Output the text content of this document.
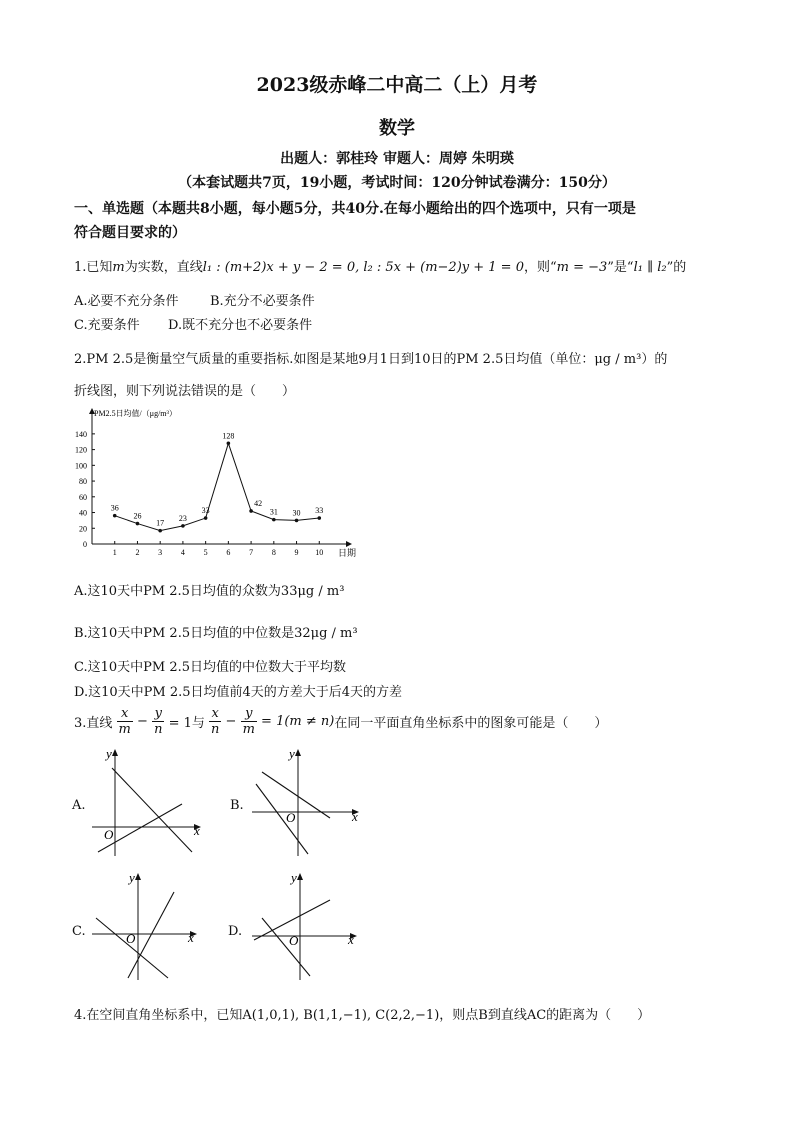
2023级赤峰二中高二（上）月考
数学
出题人：郭桂玲 审题人：周婷 朱明瑛
（本套试题共7页，19小题，考试时间：120分钟试卷满分：150分）
一、单选题（本题共8小题，每小题5分，共40分.在每小题给出的四个选项中，只有一项是
符合题目要求的）
1.已知m为实数，直线l₁ : (m+2)x + y − 2 = 0, l₂ : 5x + (m−2)y + 1 = 0，则“m = −3”是“l₁ ∥ l₂”的
A.必要不充分条件 B.充分不必要条件
C.充要条件 D.既不充分也不必要条件
2.PM 2.5是衡量空气质量的重要指标.如图是某地9月1日到10日的PM 2.5日均值（单位：μg / m³）的
折线图，则下列说法错误的是（　　）
0
20
40
60
80
100
120
140
1 2 3 4 5 6 7 8 9 10
PM2.5日均值/（μg/m³）
日期
36
26
17
23
33
128
42
31 30 33
A.这10天中PM 2.5日均值的众数为33μg / m³
B.这10天中PM 2.5日均值的中位数是32μg / m³
C.这10天中PM 2.5日均值的中位数大于平均数
D.这10天中PM 2.5日均值前4天的方差大于后4天的方差
3.直线 $\frac{x}{m} - \frac{y}{n} = 1$与 $\frac{x}{n} - \frac{y}{m} = 1(m \ne n)$在同一平面直角坐标系中的图象可能是（　　）
A.
O	x
y
B.
O	x
y
C.	O	x
y
D.
O	x
y
4.在空间直角坐标系中，已知A(1,0,1), B(1,1,−1), C(2,2,−1)，则点B到直线AC的距离为（　　）
